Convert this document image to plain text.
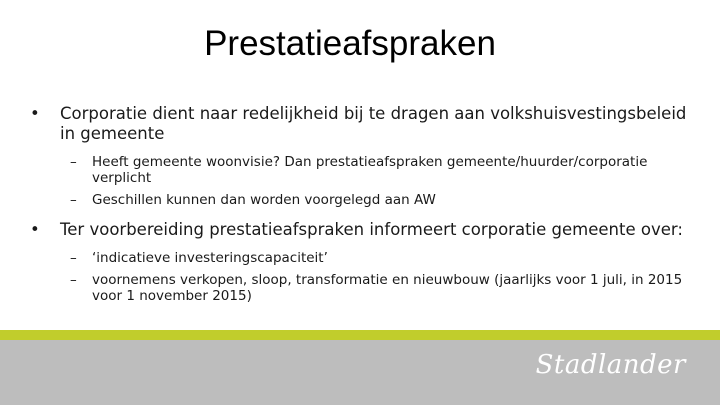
Prestatieafspraken
•	Corporatie dient naar redelijkheid bij te dragen aan volkshuisvestingsbeleid in gemeente
– Heeft gemeente woonvisie? Dan prestatieafspraken gemeente/huurder/corporatie verplicht
– Geschillen kunnen dan worden voorgelegd aan AW
•	Ter voorbereiding prestatieafspraken informeert corporatie gemeente over:
– ‘indicatieve investeringscapaciteit’
– voornemens verkopen, sloop, transformatie en nieuwbouw (jaarlijks voor 1 juli, in 2015 voor 1 november 2015)
Stadlander
